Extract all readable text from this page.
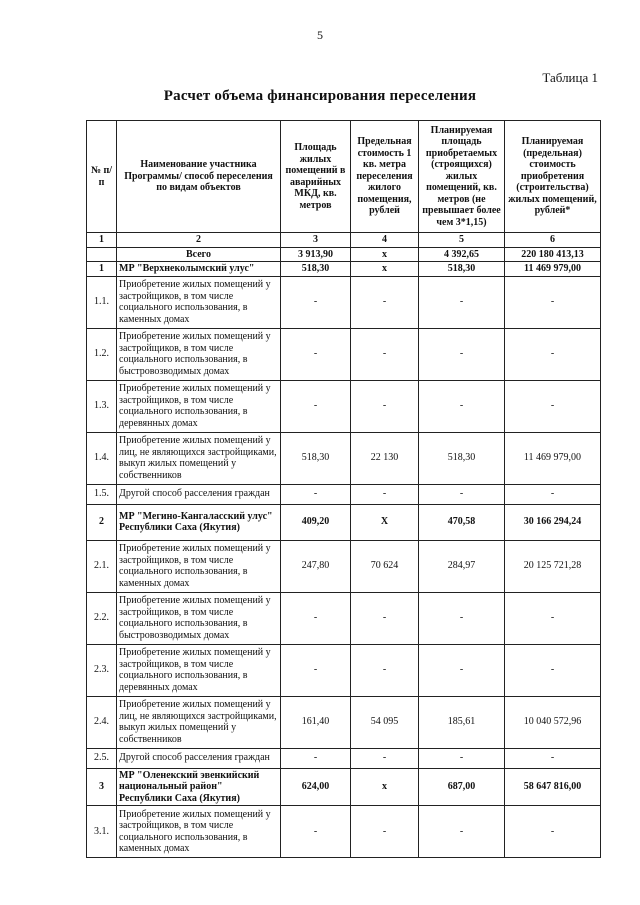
5
Таблица 1
Расчет объема финансирования переселения
№ п/п	Наименование участника Программы/ способ переселения по видам объектов	Площадь жилых помещений в аварийных МКД, кв. метров	Предельная стоимость 1 кв. метра переселения жилого помещения, рублей	Планируемая площадь приобретаемых (строящихся) жилых помещений, кв. метров (не превышает более чем 3*1,15)	Планируемая (предельная) стоимость приобретения (строительства) жилых помещений, рублей*
1	2	3	4	5	6
	Всего	3 913,90	х	4 392,65	220 180 413,13
1	МР "Верхнеколымский улус"	518,30	х	518,30	11 469 979,00
1.1.	Приобретение жилых помещений у застройщиков, в том числе социального использования, в каменных домах	-	-	-	-
1.2.	Приобретение жилых помещений у застройщиков, в том числе социального использования, в быстровозводимых домах	-	-	-	-
1.3.	Приобретение жилых помещений у застройщиков, в том числе социального использования, в деревянных домах	-	-	-	-
1.4.	Приобретение жилых помещений у лиц, не являющихся застройщиками, выкуп жилых помещений у собственников	518,30	22 130	518,30	11 469 979,00
1.5.	Другой способ расселения граждан	-	-	-	-
2	МР "Мегино-Кангаласский улус" Республики Саха (Якутия)	409,20	Х	470,58	30 166 294,24
2.1.	Приобретение жилых помещений у застройщиков, в том числе социального использования, в каменных домах	247,80	70 624	284,97	20 125 721,28
2.2.	Приобретение жилых помещений у застройщиков, в том числе социального использования, в быстровозводимых домах	-	-	-	-
2.3.	Приобретение жилых помещений у застройщиков, в том числе социального использования, в деревянных домах	-	-	-	-
2.4.	Приобретение жилых помещений у лиц, не являющихся застройщиками, выкуп жилых помещений у собственников	161,40	54 095	185,61	10 040 572,96
2.5.	Другой способ расселения граждан	-	-	-	-
3	МР "Оленекский эвенкийский национальный район" Республики Саха (Якутия)	624,00	х	687,00	58 647 816,00
3.1.	Приобретение жилых помещений у застройщиков, в том числе социального использования, в каменных домах	-	-	-	-
